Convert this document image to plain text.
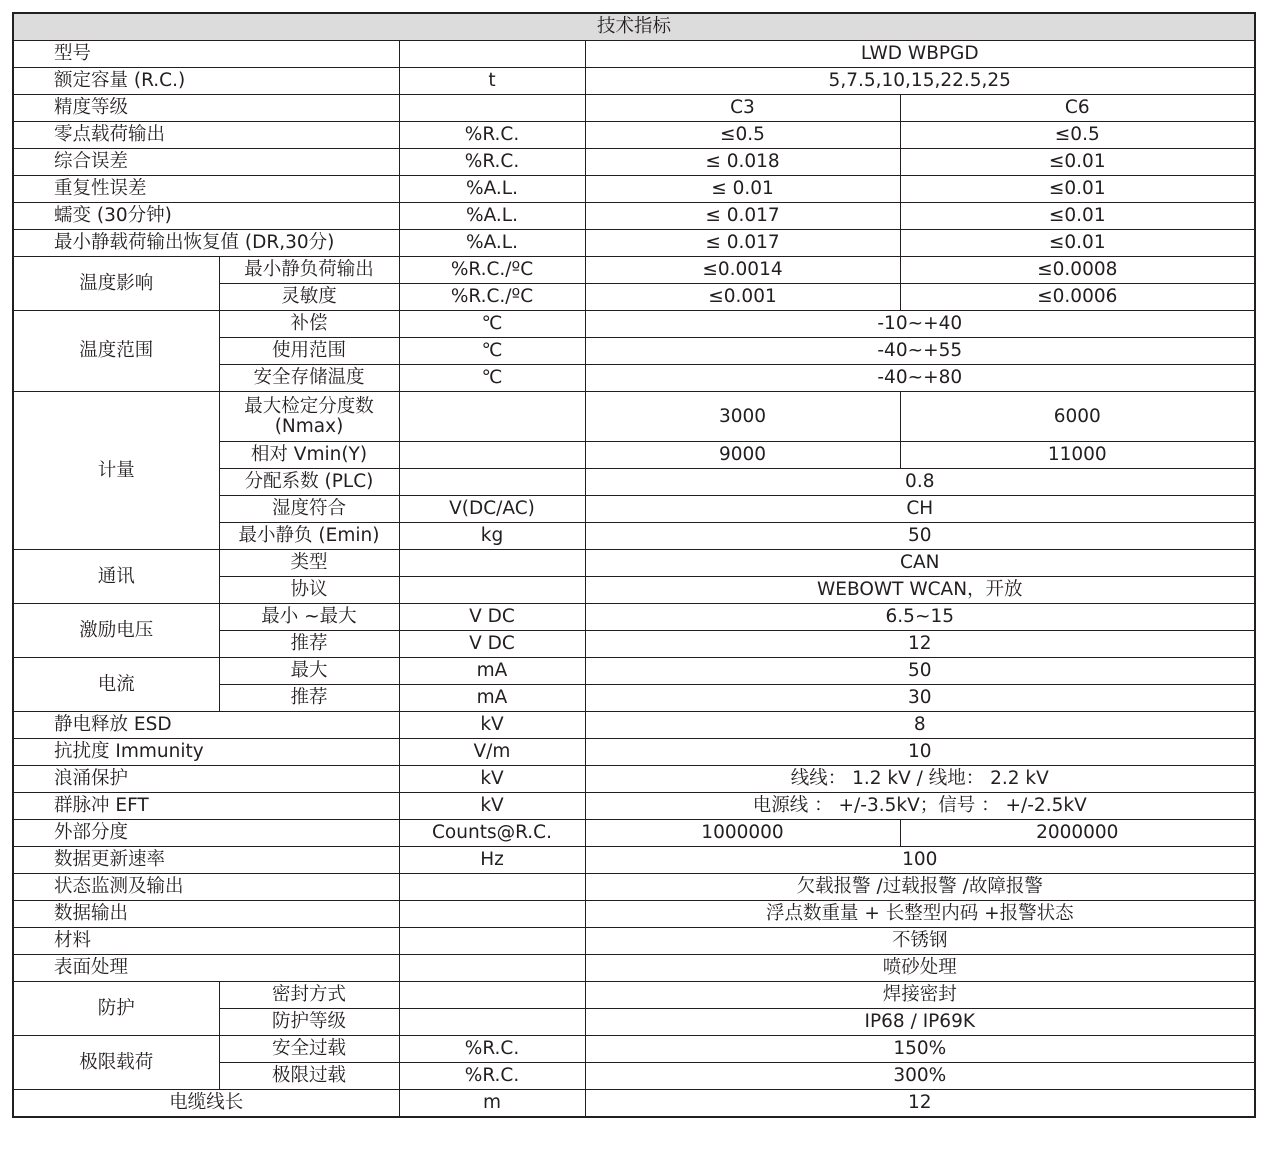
技术指标				
型号			LWD WBPGD	
额定容量 (R.C.)		t	5,7.5,10,15,22.5,25	
精度等级			C3	C6
零点载荷输出		%R.C.	≤0.5	≤0.5
综合误差		%R.C.	≤ 0.018	≤0.01
重复性误差		%A.L.	≤ 0.01	≤0.01
蠕变 (30分钟)		%A.L.	≤ 0.017	≤0.01
最小静载荷输出恢复值 (DR,30分)		%A.L.	≤ 0.017	≤0.01
温度影响	最小静负荷输出	%R.C./ºC	≤0.0014	≤0.0008
	灵敏度	%R.C./ºC	≤0.001	≤0.0006
温度范围	补偿	℃	-10~+40	
	使用范围	℃	-40~+55	
	安全存储温度	℃	-40~+80	
计量	最大检定分度数 (Nmax)		3000	6000
	相对 Vmin(Y)		9000	11000
	分配系数 (PLC)		0.8	
	湿度符合	V(DC/AC)	CH	
	最小静负 (Emin)	kg	50	
通讯	类型		CAN	
	协议		WEBOWT WCAN，开放	
激励电压	最小 ~最大	V DC	6.5~15	
	推荐	V DC	12	
电流	最大	mA	50	
	推荐	mA	30	
静电释放 ESD		kV	8	
抗扰度 Immunity		V/m	10	
浪涌保护		kV	线线： 1.2 kV / 线地： 2.2 kV	
群脉冲 EFT		kV	电源线 ： +/-3.5kV；信号 ： +/-2.5kV	
外部分度		Counts@R.C.	1000000	2000000
数据更新速率		Hz	100	
状态监测及输出			欠载报警 /过载报警 /故障报警	
数据输出			浮点数重量 + 长整型内码 +报警状态	
材料			不锈钢	
表面处理			喷砂处理	
防护	密封方式		焊接密封	
	防护等级		IP68 / IP69K	
极限载荷	安全过载	%R.C.	150%	
	极限过载	%R.C.	300%	
电缆线长		m	12	
